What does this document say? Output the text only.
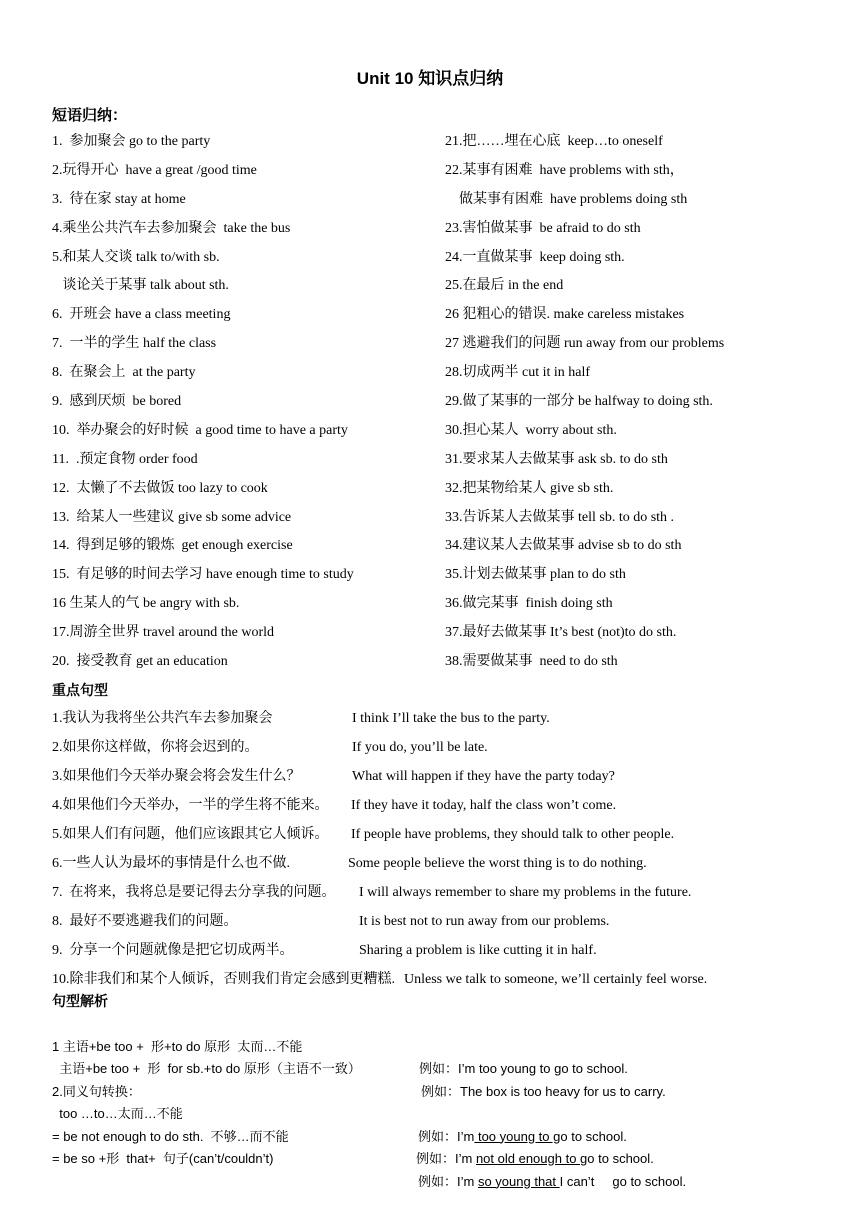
Unit 10 知识点归纳
短语归纳：
1.  参加聚会 go to the party
2.玩得开心  have a great /good time
3.  待在家 stay at home
4.乘坐公共汽车去参加聚会  take the bus
5.和某人交谈 talk to/with sb.
谈论关于某事 talk about sth.
6.  开班会 have a class meeting
7.  一半的学生 half the class
8.  在聚会上  at the party
9.  感到厌烦  be bored
10.  举办聚会的好时候  a good time to have a party
11.  .预定食物 order food
12.  太懒了不去做饭 too lazy to cook
13.  给某人一些建议 give sb some advice
14.  得到足够的锻炼  get enough exercise
15.  有足够的时间去学习 have enough time to study
16 生某人的气 be angry with sb.
17.周游全世界 travel around the world
20.  接受教育 get an education
21.把……埋在心底  keep…to oneself
22.某事有困难  have problems with sth，
做某事有困难  have problems doing sth
23.害怕做某事  be afraid to do sth
24.一直做某事  keep doing sth.
25.在最后 in the end
26 犯粗心的错误. make careless mistakes
27 逃避我们的问题 run away from our problems
28.切成两半 cut it in half
29.做了某事的一部分 be halfway to doing sth.
30.担心某人  worry about sth.
31.要求某人去做某事 ask sb. to do sth
32.把某物给某人 give sb sth.
33.告诉某人去做某事 tell sb. to do sth .
34.建议某人去做某事 advise sb to do sth
35.计划去做某事 plan to do sth
36.做完某事  finish doing sth
37.最好去做某事 It’s best (not)to do sth.
38.需要做某事  need to do sth
重点句型
1.我认为我将坐公共汽车去参加聚会	I think I’ll take the bus to the party.
2.如果你这样做，你将会迟到的。	If you do, you’ll be late.
3.如果他们今天举办聚会将会发生什么？	What will happen if they have the party today?
4.如果他们今天举办，一半的学生将不能来。 If they have it today, half the class won’t come.
5.如果人们有问题，他们应该跟其它人倾诉。 If people have problems, they should talk to other people.
6.一些人认为最坏的事情是什么也不做.	Some people believe the worst thing is to do nothing.
7.  在将来，我将总是要记得去分享我的问题。 I will always remember to share my problems in the future.
8.  最好不要逃避我们的问题。	It is best not to run away from our problems.
9.  分享一个问题就像是把它切成两半。	Sharing a problem is like cutting it in half.
10.除非我们和某个人倾诉，否则我们肯定会感到更糟糕. Unless we talk to someone, we’ll certainly feel worse.
句型解析

1 主语+be too +  形+to do 原形  太而…不能

例如：I’m too young to go to school.

主语+be too +  形  for sb.+to do 原形（主语不一致）

例如：The box is too heavy for us to carry.

2.同义句转换：

too …to…太而…不能

例如：I’m too young to go to school.

= be not enough to do sth.  不够…而不能

例如：I’m not old enough to go to school.

= be so +形  that+  句子(can’t/couldn’t)

例如：I’m so young that I can’t     go to school.
